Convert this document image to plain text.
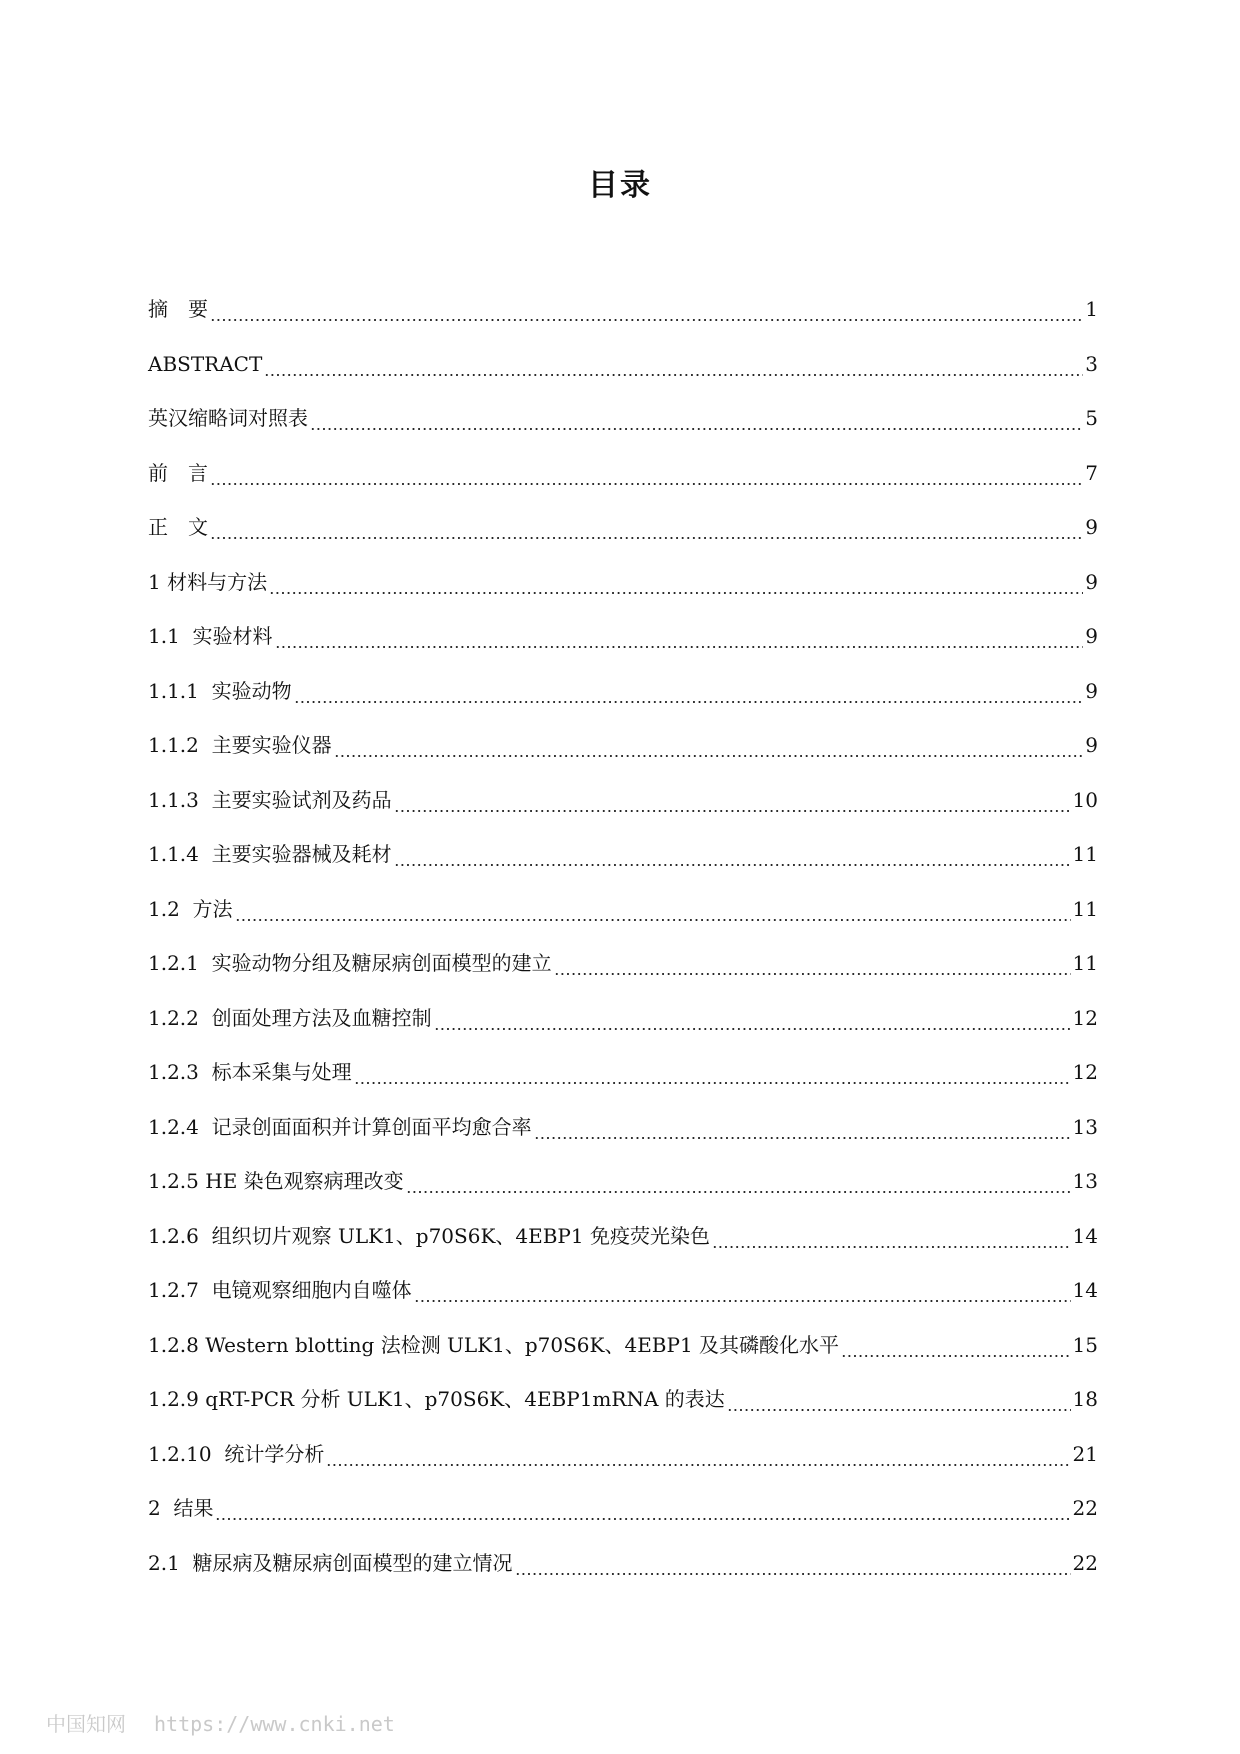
目录
摘　要	1
ABSTRACT	3
英汉缩略词对照表	5
前　言	7
正　文	9
1 材料与方法	9
1.1  实验材料	9
1.1.1  实验动物	9
1.1.2  主要实验仪器	9
1.1.3  主要实验试剂及药品	10
1.1.4  主要实验器械及耗材	11
1.2  方法	11
1.2.1  实验动物分组及糖尿病创面模型的建立	11
1.2.2  创面处理方法及血糖控制	12
1.2.3  标本采集与处理	12
1.2.4  记录创面面积并计算创面平均愈合率	13
1.2.5 HE 染色观察病理改变	13
1.2.6  组织切片观察 ULK1、p70S6K、4EBP1 免疫荧光染色	14
1.2.7  电镜观察细胞内自噬体	14
1.2.8 Western blotting 法检测 ULK1、p70S6K、4EBP1 及其磷酸化水平	15
1.2.9 qRT-PCR 分析 ULK1、p70S6K、4EBP1mRNA 的表达	18
1.2.10  统计学分析	21
2  结果	22
2.1  糖尿病及糖尿病创面模型的建立情况	22
中国知网 https://www.cnki.net
